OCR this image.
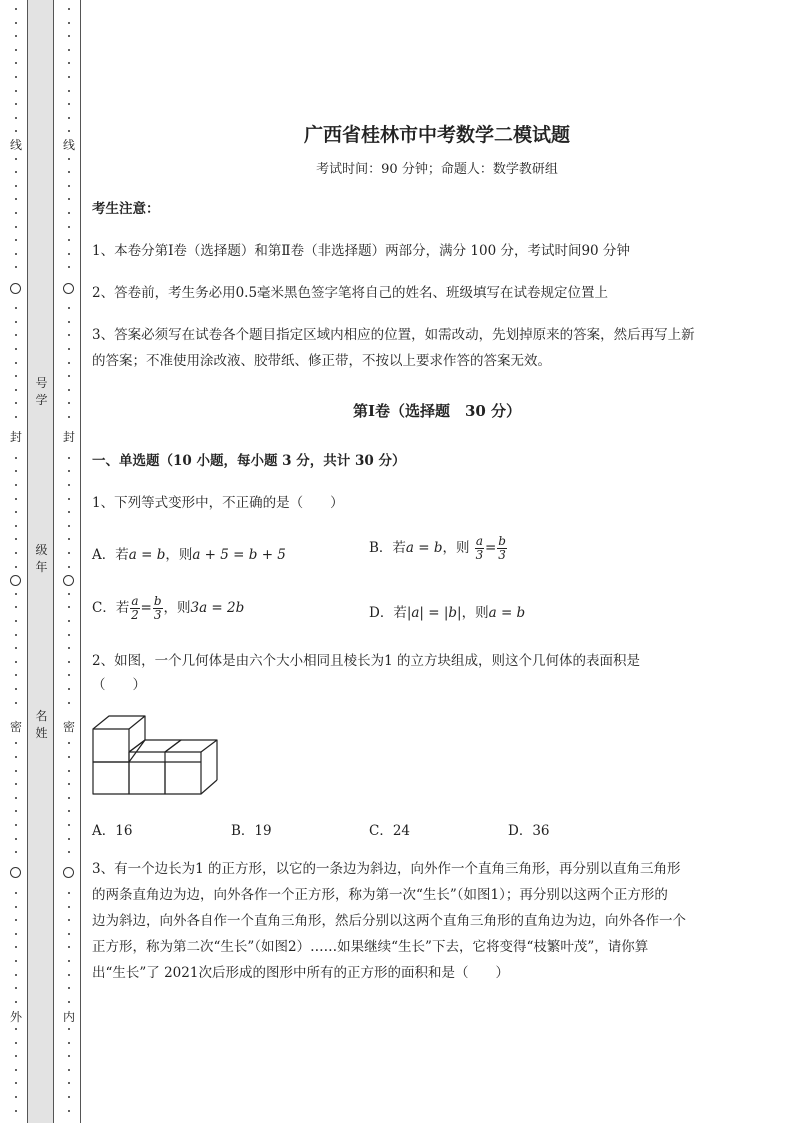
线
封
密
外
号
学
级
年
名
姓
线
封
密
内
广西省桂林市中考数学二模试题
考试时间：90 分钟；命题人：数学教研组
考生注意：
1、本卷分第Ⅰ卷（选择题）和第Ⅱ卷（非选择题）两部分，满分 100 分，考试时间90 分钟
2、答卷前，考生务必用0.5毫米黑色签字笔将自己的姓名、班级填写在试卷规定位置上
3、答案必须写在试卷各个题目指定区域内相应的位置，如需改动，先划掉原来的答案，然后再写上新
的答案；不准使用涂改液、胶带纸、修正带，不按以上要求作答的答案无效。
第Ⅰ卷（选择题　30 分）
一、单选题（10 小题，每小题 3 分，共计 30 分）
1、下列等式变形中，不正确的是（　　）
A．若a = b，则a + 5 = b + 5	B．若a = b，则 $\frac{a}{3} = \frac{b}{3}$
C．若 $\frac{a}{2} = \frac{b}{3}$ ，则3a = 2b	D．若|a| = |b|，则a = b
2、如图，一个几何体是由六个大小相同且棱长为1 的立方块组成，则这个几何体的表面积是
（　　）
A．16	B．19	C．24	D．36
3、有一个边长为1 的正方形，以它的一条边为斜边，向外作一个直角三角形，再分别以直角三角形
的两条直角边为边，向外各作一个正方形，称为第一次“生长”（如图1）；再分别以这两个正方形的
边为斜边，向外各自作一个直角三角形，然后分别以这两个直角三角形的直角边为边，向外各作一个
正方形，称为第二次“生长”（如图2）……如果继续“生长”下去，它将变得“枝繁叶茂”，请你算
出“生长”了 2021次后形成的图形中所有的正方形的面积和是（　　）
